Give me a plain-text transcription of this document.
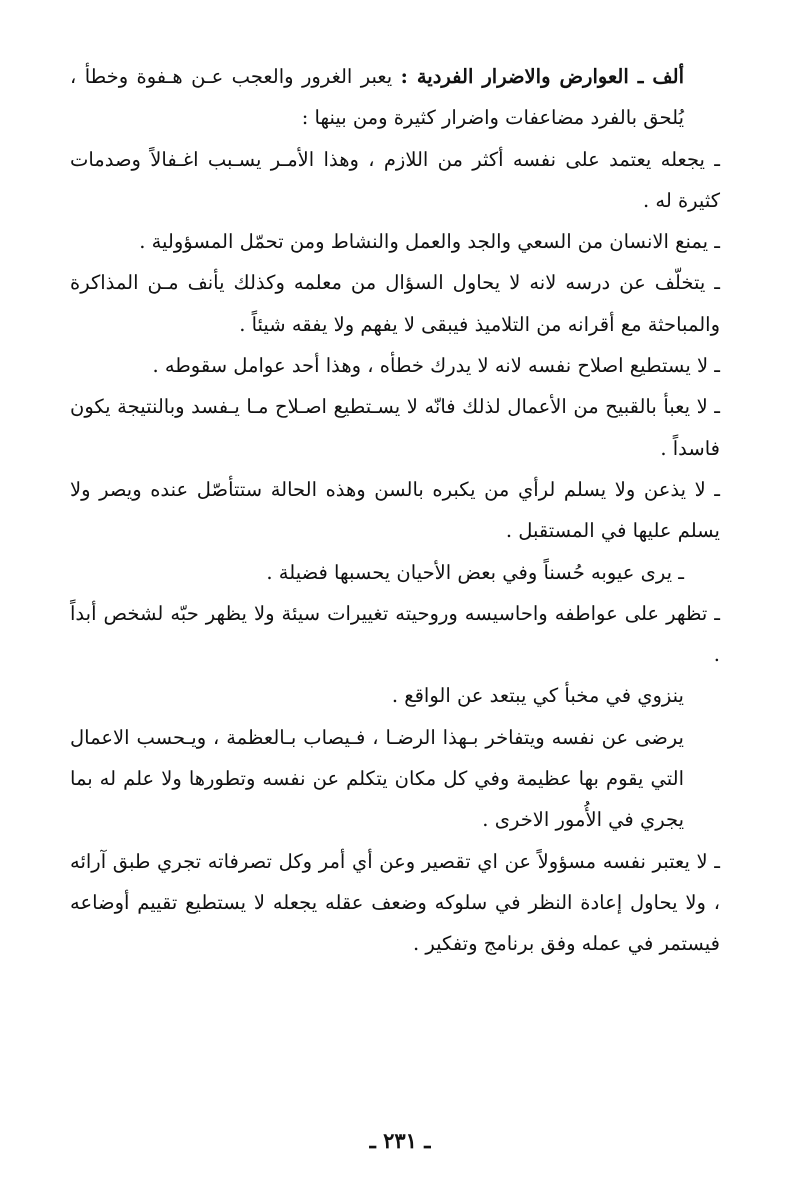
ألف ـ العوارض والاضرار الفردية : يعبر الغرور والعجب عـن هـفوة وخطأ ، يُلحق بالفرد مضاعفات واضرار كثيرة ومن بينها :

ـ يجعله يعتمد على نفسه أكثر من اللازم ، وهذا الأمـر يسـبب اغـفالاً وصدمات كثيرة له .

ـ يمنع الانسان من السعي والجد والعمل والنشاط ومن تحمّل المسؤولية .

ـ يتخلّف عن درسه لانه لا يحاول السؤال من معلمه وكذلك يأنف مـن المذاكرة والمباحثة مع أقرانه من التلاميذ فيبقى لا يفهم ولا يفقه شيئاً .

ـ لا يستطيع اصلاح نفسه لانه لا يدرك خطأه ، وهذا أحد عوامل سقوطه .

ـ لا يعبأ بالقبيح من الأعمال لذلك فانّه لا يسـتطيع اصـلاح مـا يـفسد وبالنتيجة يكون فاسداً .

ـ لا يذعن ولا يسلم لرأي من يكبره بالسن وهذه الحالة ستتأصّل عنده ويصر ولا يسلم عليها في المستقبل .

ـ يرى عيوبه حُسناً وفي بعض الأحيان يحسبها فضيلة .

ـ تظهر على عواطفه واحاسيسه وروحيته تغييرات سيئة ولا يظهر حبّه لشخص أبداً .

ينزوي في مخبأ كي يبتعد عن الواقع .

يرضى عن نفسه ويتفاخر بـهذا الرضـا ، فـيصاب بـالعظمة ، ويـحسب الاعمال التي يقوم بها عظيمة وفي كل مكان يتكلم عن نفسه وتطورها ولا علم له بما يجري في الأُمور الاخرى .

ـ لا يعتبر نفسه مسؤولاً عن اي تقصير وعن أي أمر وكل تصرفاته تجري طبق آرائه ، ولا يحاول إعادة النظر في سلوكه وضعف عقله يجعله لا يستطيع تقييم أوضاعه فيستمر في عمله وفق برنامج وتفكير .

ـ ٢٣١ ـ
